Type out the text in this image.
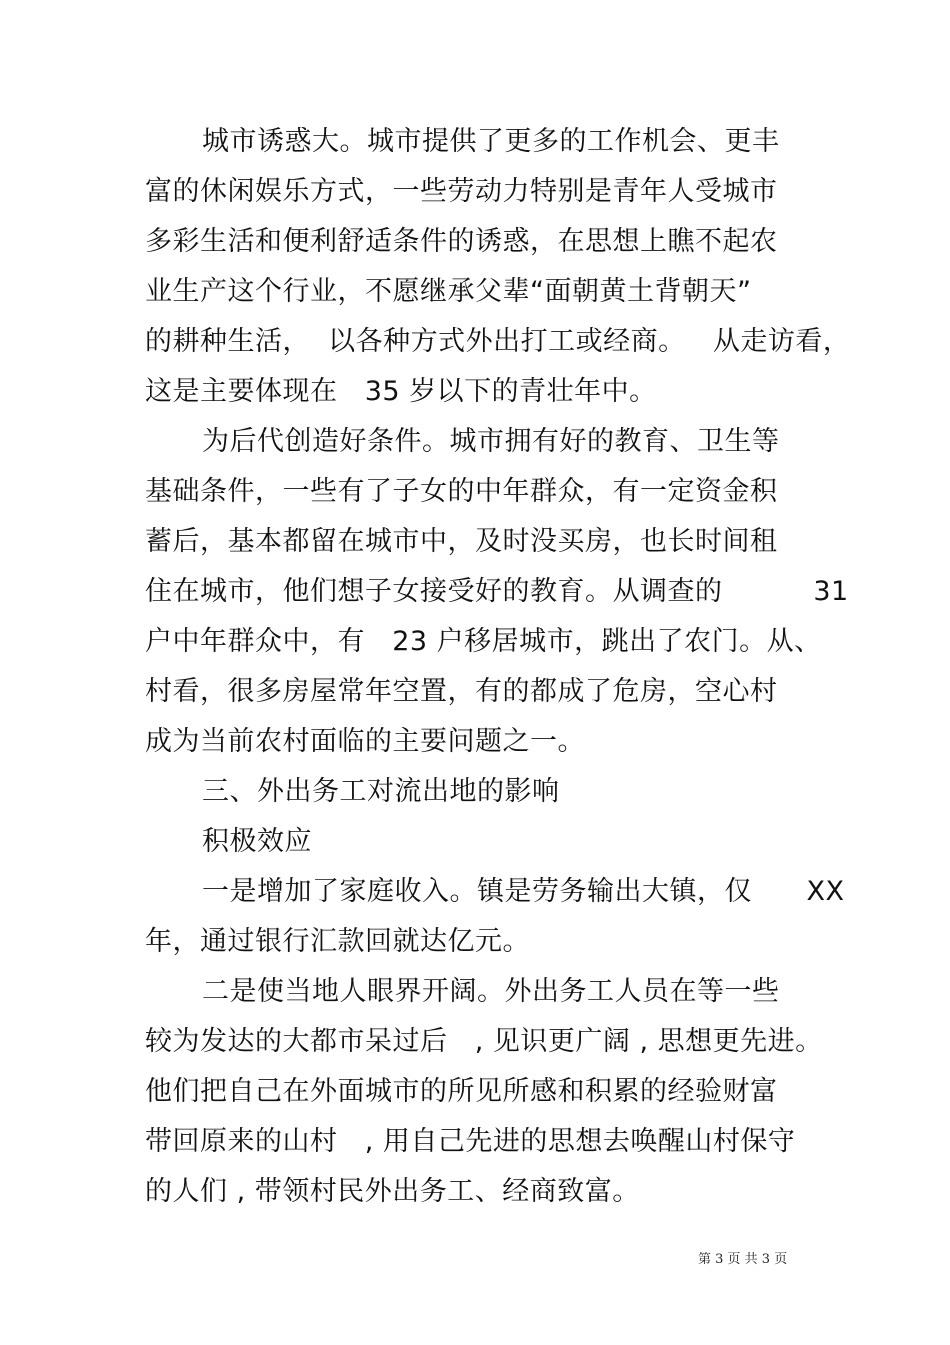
城市诱惑大。城市提供了更多的工作机会、更丰
富的休闲娱乐方式，一些劳动力特别是青年人受城市
多彩生活和便利舒适条件的诱惑，在思想上瞧不起农
业生产这个行业，不愿继承父辈“面朝黄土背朝天”
的耕种生活，  以各种方式外出打工或经商。   从走访看，
这是主要体现在   35 岁以下的青壮年中。
为后代创造好条件。城市拥有好的教育、卫生等
基础条件，一些有了子女的中年群众，有一定资金积
蓄后，基本都留在城市中，及时没买房，也长时间租
住在城市，他们想子女接受好的教育。从调查的          31
户中年群众中，有   23 户移居城市，跳出了农门。从、
村看，很多房屋常年空置，有的都成了危房，空心村
成为当前农村面临的主要问题之一。
三、外出务工对流出地的影响
积极效应
一是增加了家庭收入。镇是劳务输出大镇，仅      XX
年，通过银行汇款回就达亿元。
二是使当地人眼界开阔。外出务工人员在等一些
较为发达的大都市呆过后   , 见识更广阔 , 思想更先进。
他们把自己在外面城市的所见所感和积累的经验财富
带回原来的山村   , 用自己先进的思想去唤醒山村保守
的人们 , 带领村民外出务工、经商致富。
第 3 页 共 3 页
